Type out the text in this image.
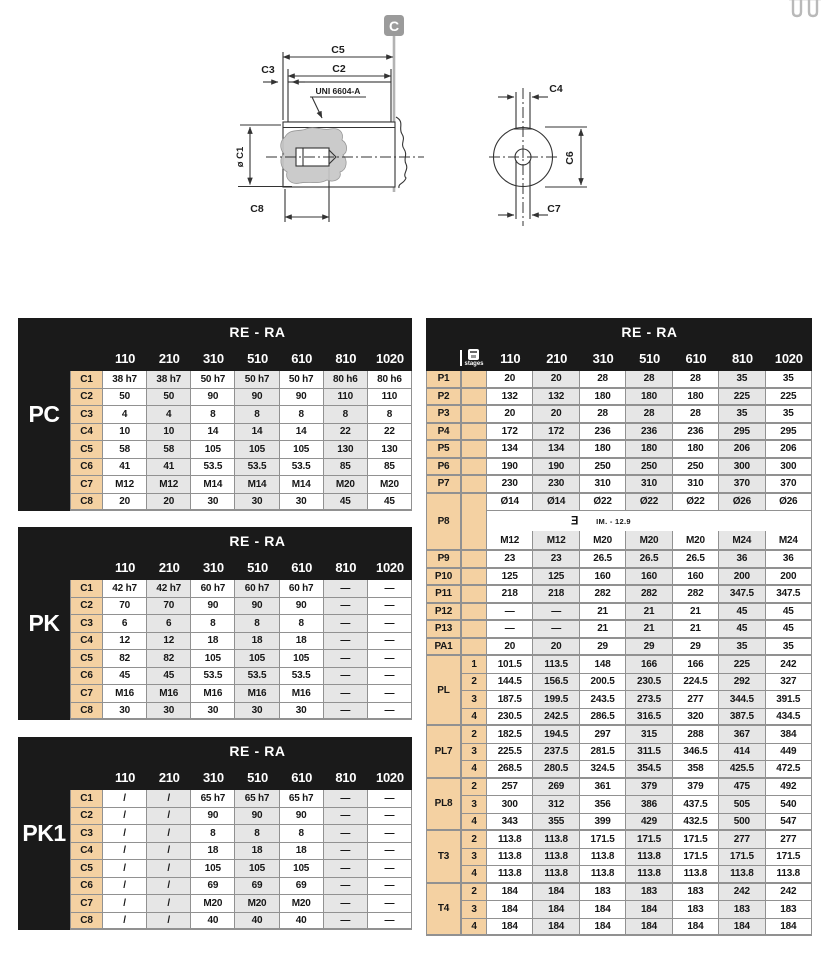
C
C5
C2
C3
ø C1
C8
C4
C6
C7
UNI 6604-A
PC
RE - RA
110	210	310	510	610	810	1020
C1	38 h7	38 h7	50 h7	50 h7	50 h7	80 h6	80 h6
C2	50	50	90	90	90	110	110
C3	4	4	8	8	8	8	8
C4	10	10	14	14	14	22	22
C5	58	58	105	105	105	130	130
C6	41	41	53.5	53.5	53.5	85	85
C7	M12	M12	M14	M14	M14	M20	M20
C8	20	20	30	30	30	45	45
PK
RE - RA
110	210	310	510	610	810	1020
C1	42 h7	42 h7	60 h7	60 h7	60 h7	—	—
C2	70	70	90	90	90	—	—
C3	6	6	8	8	8	—	—
C4	12	12	18	18	18	—	—
C5	82	82	105	105	105	—	—
C6	45	45	53.5	53.5	53.5	—	—
C7	M16	M16	M16	M16	M16	—	—
C8	30	30	30	30	30	—	—
PK1
RE - RA
110	210	310	510	610	810	1020
C1	/	/	65 h7	65 h7	65 h7	—	—
C2	/	/	90	90	90	—	—
C3	/	/	8	8	8	—	—
C4	/	/	18	18	18	—	—
C5	/	/	105	105	105	—	—
C6	/	/	69	69	69	—	—
C7	/	/	M20	M20	M20	—	—
C8	/	/	40	40	40	—	—
RE - RA
stages	110	210	310	510	610	810	1020
P1	20	20	28	28	28	35	35
P2	132	132	180	180	180	225	225
P3	20	20	28	28	28	35	35
P4	172	172	236	236	236	295	295
P5	134	134	180	180	180	206	206
P6	190	190	250	250	250	300	300
P7	230	230	310	310	310	370	370
P8
Ø14	Ø14	Ø22	Ø22	Ø22	Ø26	Ø26
Ǝ IM. - 12.9
M12	M12	M20	M20	M20	M24	M24
P9	23	23	26.5	26.5	26.5	36	36
P10	125	125	160	160	160	200	200
P11	218	218	282	282	282	347.5	347.5
P12	—	—	21	21	21	45	45
P13	—	—	21	21	21	45	45
PA1	20	20	29	29	29	35	35
PL
1	101.5	113.5	148	166	166	225	242
2	144.5	156.5	200.5	230.5	224.5	292	327
3	187.5	199.5	243.5	273.5	277	344.5	391.5
4	230.5	242.5	286.5	316.5	320	387.5	434.5
PL7
2	182.5	194.5	297	315	288	367	384
3	225.5	237.5	281.5	311.5	346.5	414	449
4	268.5	280.5	324.5	354.5	358	425.5	472.5
PL8
2	257	269	361	379	379	475	492
3	300	312	356	386	437.5	505	540
4	343	355	399	429	432.5	500	547
T3
2	113.8	113.8	171.5	171.5	171.5	277	277
3	113.8	113.8	113.8	113.8	171.5	171.5	171.5
4	113.8	113.8	113.8	113.8	113.8	113.8	113.8
T4
2	184	184	183	183	183	242	242
3	184	184	184	184	183	183	183
4	184	184	184	184	184	184	184
